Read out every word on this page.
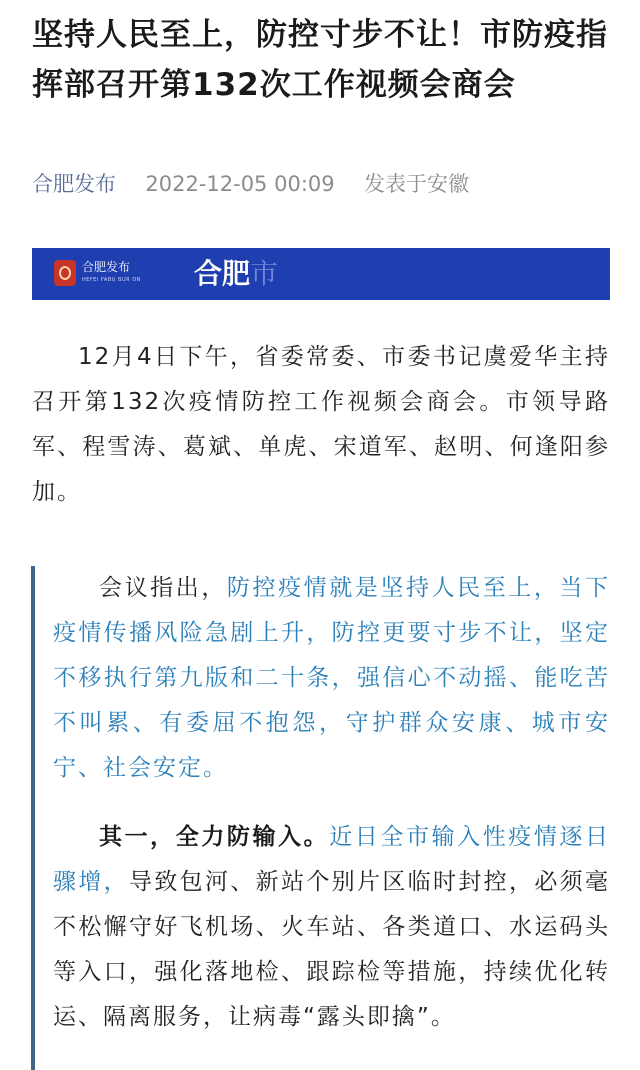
坚持人民至上，防控寸步不让！市防疫指挥部召开第132次工作视频会商会
合肥发布 2022-12-05 00:09 发表于安徽
合肥发布
HEFEI FABU BUR ON 合肥市

12月4日下午，省委常委、市委书记虞爱华主持召开第132次疫情防控工作视频会商会。市领导路军、程雪涛、葛斌、单虎、宋道军、赵明、何逢阳参加。

会议指出，防控疫情就是坚持人民至上，当下疫情传播风险急剧上升，防控更要寸步不让，坚定不移执行第九版和二十条，强信心不动摇、能吃苦不叫累、有委屈不抱怨，守护群众安康、城市安宁、社会安定。

其一，全力防输入。近日全市输入性疫情逐日骤增，导致包河、新站个别片区临时封控，必须毫不松懈守好飞机场、火车站、各类道口、水运码头等入口，强化落地检、跟踪检等措施，持续优化转运、隔离服务，让病毒“露头即擒”。
